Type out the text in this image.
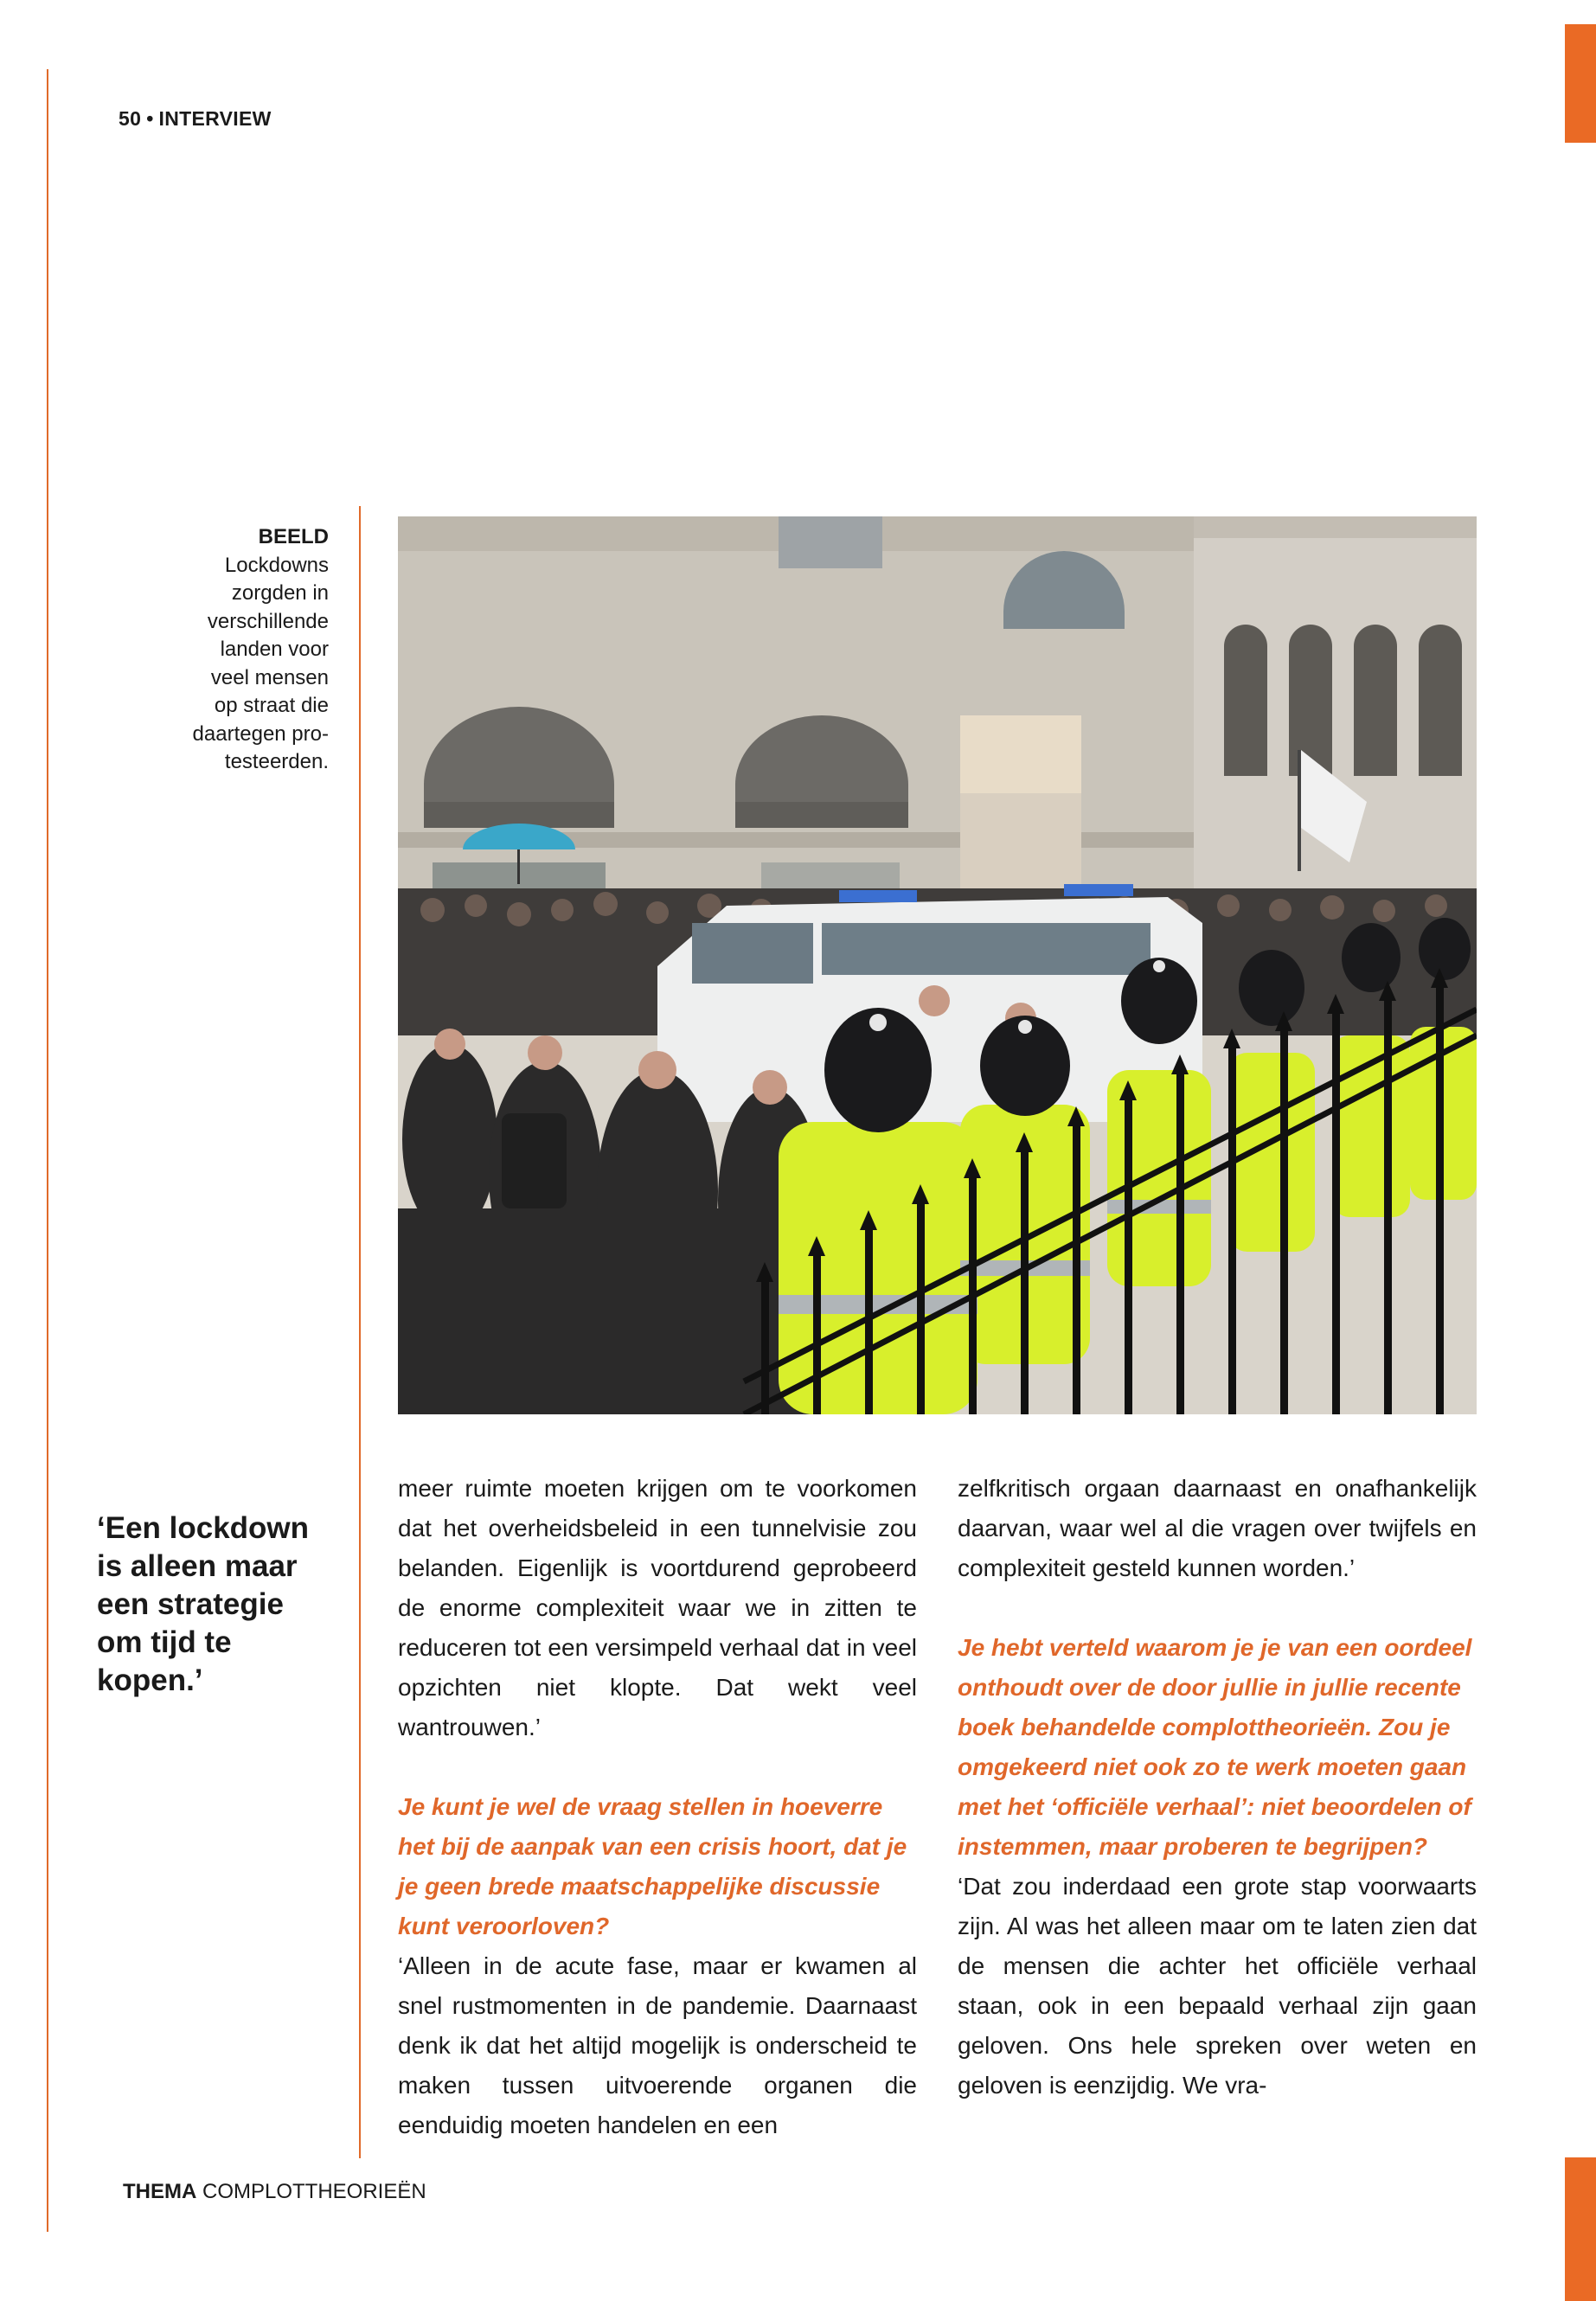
50 • INTERVIEW
BEELD
Lockdowns
zorgden in
verschillende
landen voor
veel mensen
op straat die
daartegen pro-
testeerden.
‘Een lockdown
is alleen maar
een strategie
om tijd te
kopen.’

meer ruimte moeten krijgen om te voorkomen dat het overheidsbeleid in een tunnelvisie zou belanden. Eigenlijk is voortdurend geprobeerd de enorme complexiteit waar we in zitten te reduceren tot een versimpeld verhaal dat in veel opzichten niet klopte. Dat wekt veel wantrouwen.’

Je kunt je wel de vraag stellen in hoeverre het bij de aanpak van een crisis hoort, dat je je geen brede maatschappelijke discussie kunt veroorloven?

‘Alleen in de acute fase, maar er kwamen al snel rustmomenten in de pandemie. Daarnaast denk ik dat het altijd mogelijk is onderscheid te maken tussen uitvoerende organen die eenduidig moeten handelen en een

zelfkritisch orgaan daarnaast en onafhankelijk daarvan, waar wel al die vragen over twijfels en complexiteit gesteld kunnen worden.’

Je hebt verteld waarom je je van een oordeel onthoudt over de door jullie in jullie recente boek behandelde complottheorieën. Zou je omgekeerd niet ook zo te werk moeten gaan met het ‘officiële verhaal’: niet beoordelen of instemmen, maar proberen te begrijpen?

‘Dat zou inderdaad een grote stap voorwaarts zijn. Al was het alleen maar om te laten zien dat de mensen die achter het officiële verhaal staan, ook in een bepaald verhaal zijn gaan geloven. Ons hele spreken over weten en geloven is eenzijdig. We vra-

THEMA COMPLOTTHEORIEËN
